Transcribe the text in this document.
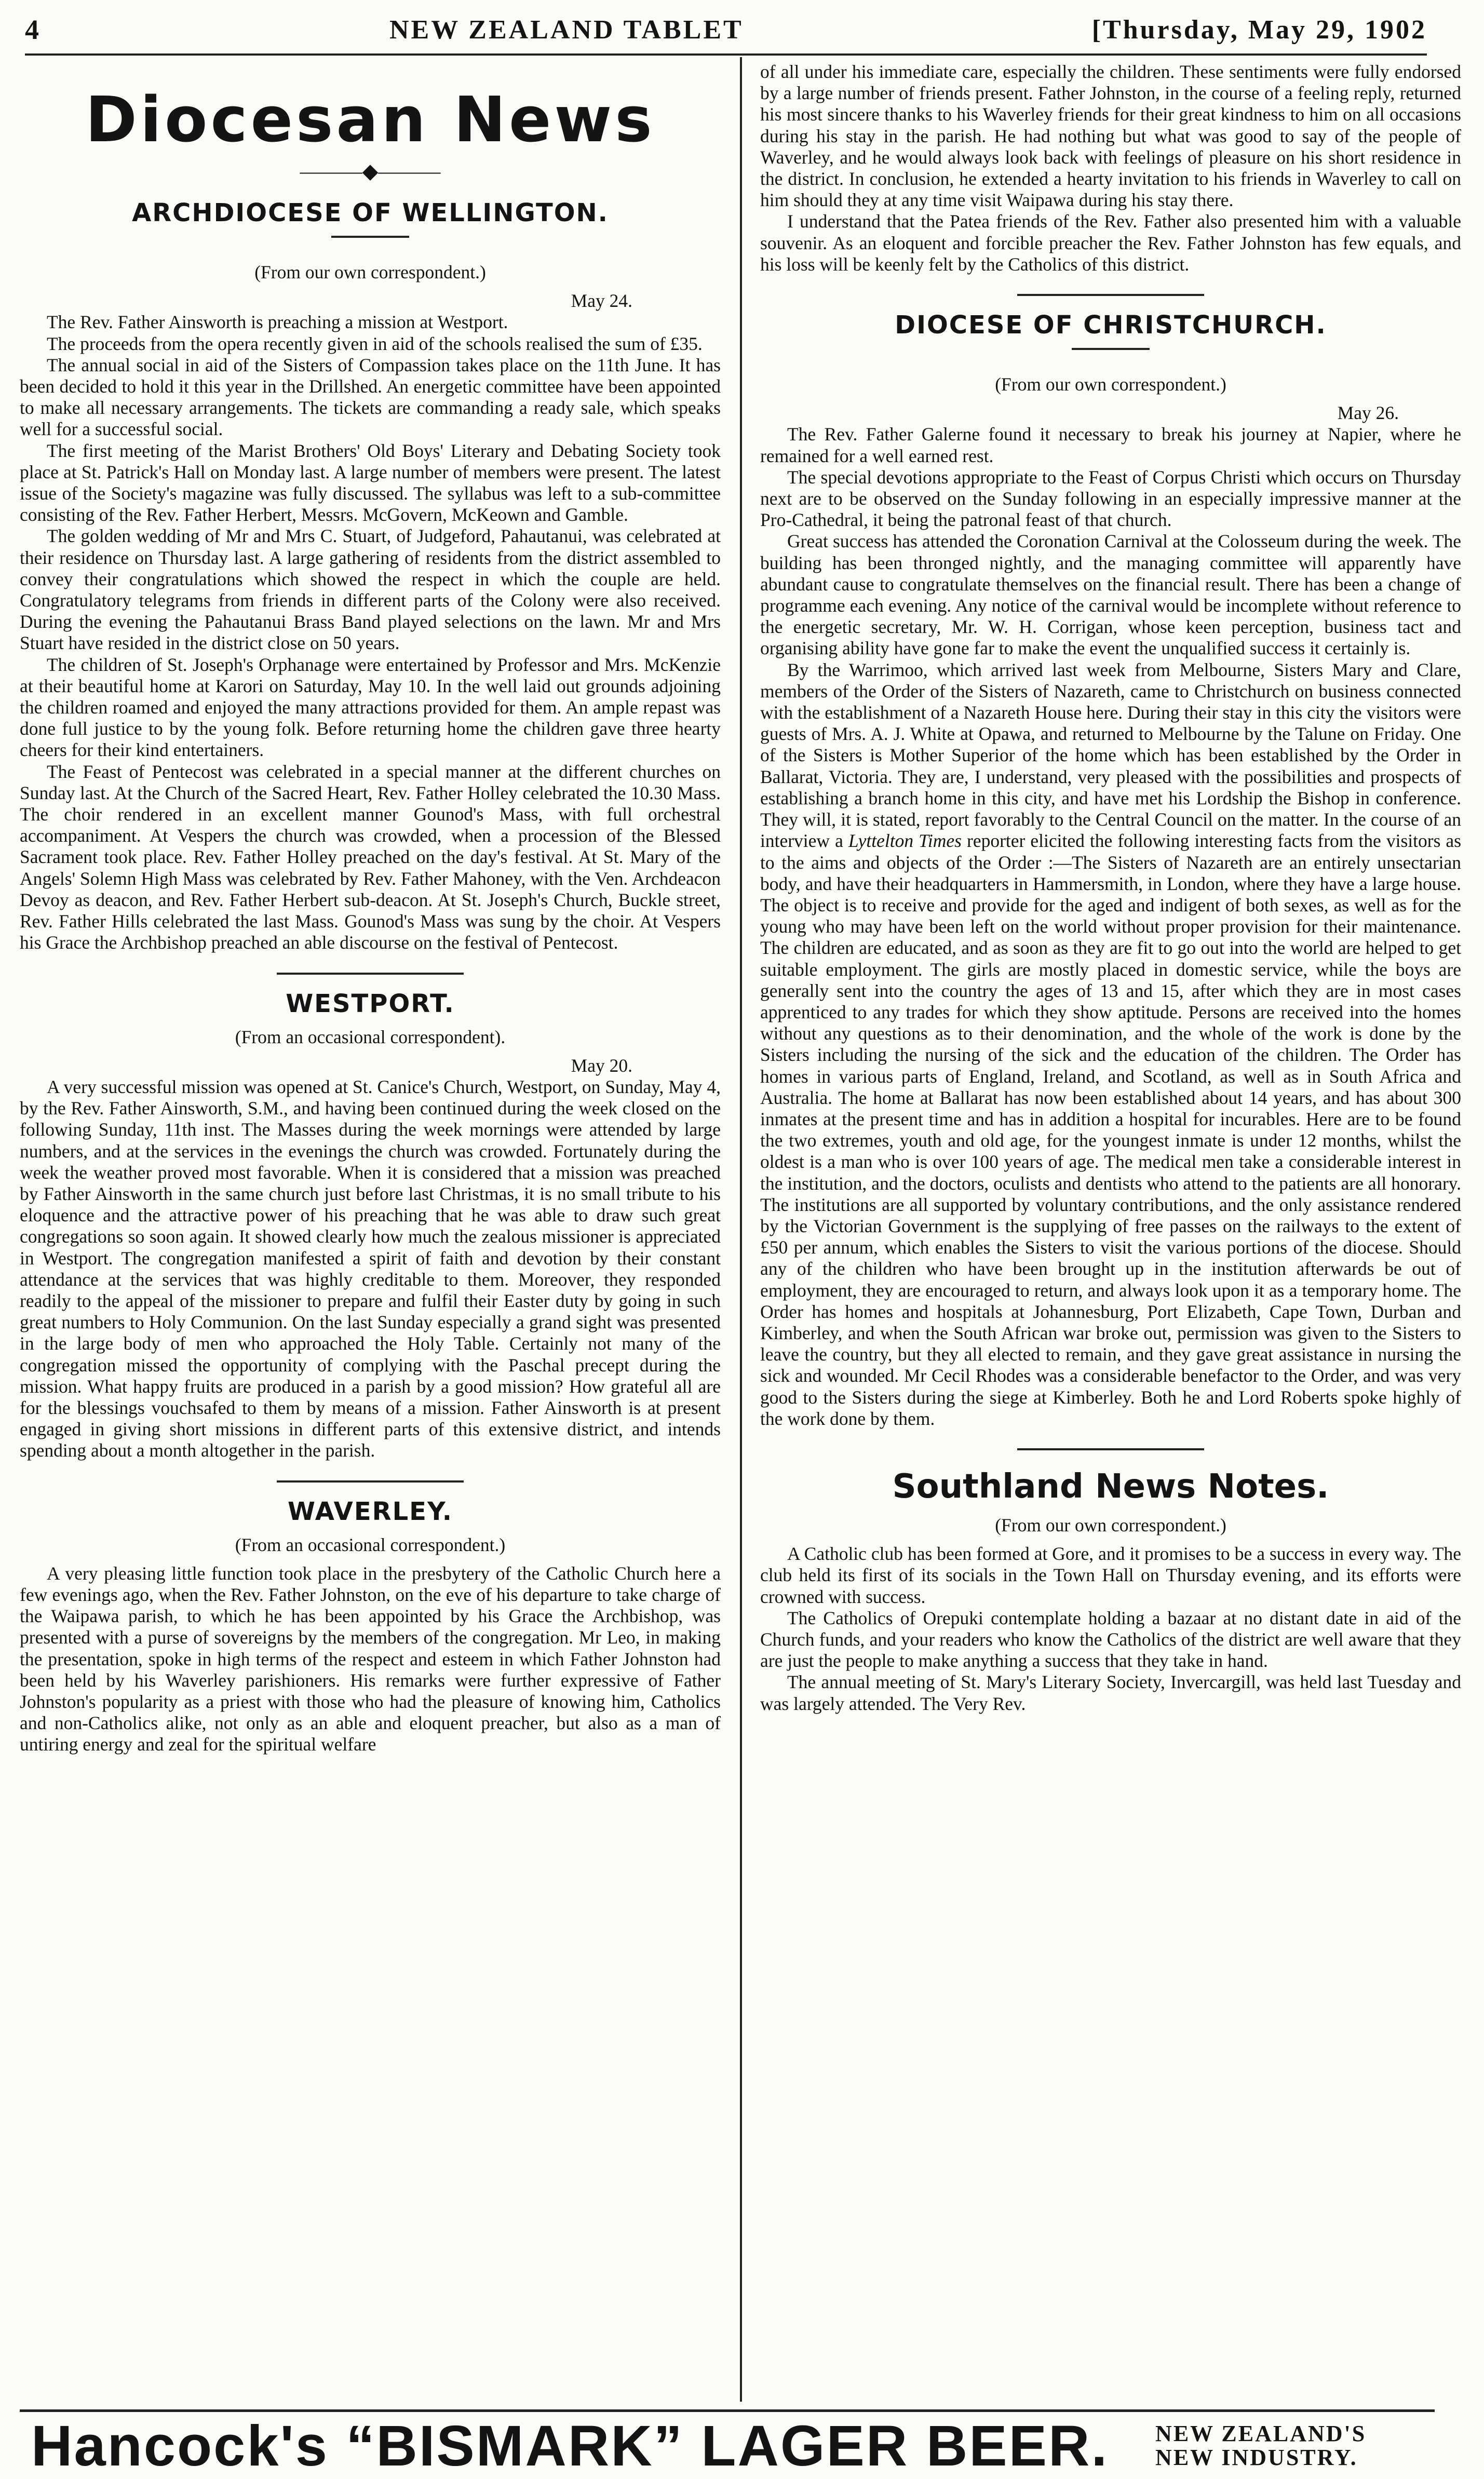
4	NEW ZEALAND TABLET	[Thursday, May 29, 1902
Diocesan News
———◆———
ARCHDIOCESE OF WELLINGTON.
(From our own correspondent.)
May 24.

The Rev. Father Ainsworth is preaching a mission at Westport.

The proceeds from the opera recently given in aid of the schools realised the sum of £35.

The annual social in aid of the Sisters of Compassion takes place on the 11th June. It has been decided to hold it this year in the Drillshed. An energetic committee have been appointed to make all necessary arrangements. The tickets are commanding a ready sale, which speaks well for a successful social.

The first meeting of the Marist Brothers' Old Boys' Literary and Debating Society took place at St. Patrick's Hall on Monday last. A large number of members were present. The latest issue of the Society's magazine was fully discussed. The syllabus was left to a sub-committee consisting of the Rev. Father Herbert, Messrs. McGovern, McKeown and Gamble.

The golden wedding of Mr and Mrs C. Stuart, of Judgeford, Pahautanui, was celebrated at their residence on Thursday last. A large gathering of residents from the district assembled to convey their congratulations which showed the respect in which the couple are held. Congratulatory telegrams from friends in different parts of the Colony were also received. During the evening the Pahautanui Brass Band played selections on the lawn. Mr and Mrs Stuart have resided in the district close on 50 years.

The children of St. Joseph's Orphanage were entertained by Professor and Mrs. McKenzie at their beautiful home at Karori on Saturday, May 10. In the well laid out grounds adjoining the children roamed and enjoyed the many attractions provided for them. An ample repast was done full justice to by the young folk. Before returning home the children gave three hearty cheers for their kind entertainers.

The Feast of Pentecost was celebrated in a special manner at the different churches on Sunday last. At the Church of the Sacred Heart, Rev. Father Holley celebrated the 10.30 Mass. The choir rendered in an excellent manner Gounod's Mass, with full orchestral accompaniment. At Vespers the church was crowded, when a procession of the Blessed Sacrament took place. Rev. Father Holley preached on the day's festival. At St. Mary of the Angels' Solemn High Mass was celebrated by Rev. Father Mahoney, with the Ven. Archdeacon Devoy as deacon, and Rev. Father Herbert sub-deacon. At St. Joseph's Church, Buckle street, Rev. Father Hills celebrated the last Mass. Gounod's Mass was sung by the choir. At Vespers his Grace the Archbishop preached an able discourse on the festival of Pentecost.

WESTPORT.
(From an occasional correspondent).
May 20.

A very successful mission was opened at St. Canice's Church, Westport, on Sunday, May 4, by the Rev. Father Ainsworth, S.M., and having been continued during the week closed on the following Sunday, 11th inst. The Masses during the week mornings were attended by large numbers, and at the services in the evenings the church was crowded. Fortunately during the week the weather proved most favorable. When it is considered that a mission was preached by Father Ainsworth in the same church just before last Christmas, it is no small tribute to his eloquence and the attractive power of his preaching that he was able to draw such great congregations so soon again. It showed clearly how much the zealous missioner is appreciated in Westport. The congregation manifested a spirit of faith and devotion by their constant attendance at the services that was highly creditable to them. Moreover, they responded readily to the appeal of the missioner to prepare and fulfil their Easter duty by going in such great numbers to Holy Communion. On the last Sunday especially a grand sight was presented in the large body of men who approached the Holy Table. Certainly not many of the congregation missed the opportunity of complying with the Paschal precept during the mission. What happy fruits are produced in a parish by a good mission? How grateful all are for the blessings vouchsafed to them by means of a mission. Father Ainsworth is at present engaged in giving short missions in different parts of this extensive district, and intends spending about a month altogether in the parish.

WAVERLEY.
(From an occasional correspondent.)

A very pleasing little function took place in the presbytery of the Catholic Church here a few evenings ago, when the Rev. Father Johnston, on the eve of his departure to take charge of the Waipawa parish, to which he has been appointed by his Grace the Archbishop, was presented with a purse of sovereigns by the members of the congregation. Mr Leo, in making the presentation, spoke in high terms of the respect and esteem in which Father Johnston had been held by his Waverley parishioners. His remarks were further expressive of Father Johnston's popularity as a priest with those who had the pleasure of knowing him, Catholics and non-Catholics alike, not only as an able and eloquent preacher, but also as a man of untiring energy and zeal for the spiritual welfare

of all under his immediate care, especially the children. These sentiments were fully endorsed by a large number of friends present. Father Johnston, in the course of a feeling reply, returned his most sincere thanks to his Waverley friends for their great kindness to him on all occasions during his stay in the parish. He had nothing but what was good to say of the people of Waverley, and he would always look back with feelings of pleasure on his short residence in the district. In conclusion, he extended a hearty invitation to his friends in Waverley to call on him should they at any time visit Waipawa during his stay there.

I understand that the Patea friends of the Rev. Father also presented him with a valuable souvenir. As an eloquent and forcible preacher the Rev. Father Johnston has few equals, and his loss will be keenly felt by the Catholics of this district.

DIOCESE OF CHRISTCHURCH.
(From our own correspondent.)
May 26.

The Rev. Father Galerne found it necessary to break his journey at Napier, where he remained for a well earned rest.

The special devotions appropriate to the Feast of Corpus Christi which occurs on Thursday next are to be observed on the Sunday following in an especially impressive manner at the Pro-Cathedral, it being the patronal feast of that church.

Great success has attended the Coronation Carnival at the Colosseum during the week. The building has been thronged nightly, and the managing committee will apparently have abundant cause to congratulate themselves on the financial result. There has been a change of programme each evening. Any notice of the carnival would be incomplete without reference to the energetic secretary, Mr. W. H. Corrigan, whose keen perception, business tact and organising ability have gone far to make the event the unqualified success it certainly is.

By the Warrimoo, which arrived last week from Melbourne, Sisters Mary and Clare, members of the Order of the Sisters of Nazareth, came to Christchurch on business connected with the establishment of a Nazareth House here. During their stay in this city the visitors were guests of Mrs. A. J. White at Opawa, and returned to Melbourne by the Talune on Friday. One of the Sisters is Mother Superior of the home which has been established by the Order in Ballarat, Victoria. They are, I understand, very pleased with the possibilities and prospects of establishing a branch home in this city, and have met his Lordship the Bishop in conference. They will, it is stated, report favorably to the Central Council on the matter. In the course of an interview a Lyttelton Times reporter elicited the following interesting facts from the visitors as to the aims and objects of the Order :—The Sisters of Nazareth are an entirely unsectarian body, and have their headquarters in Hammersmith, in London, where they have a large house. The object is to receive and provide for the aged and indigent of both sexes, as well as for the young who may have been left on the world without proper provision for their maintenance. The children are educated, and as soon as they are fit to go out into the world are helped to get suitable employment. The girls are mostly placed in domestic service, while the boys are generally sent into the country the ages of 13 and 15, after which they are in most cases apprenticed to any trades for which they show aptitude. Persons are received into the homes without any questions as to their denomination, and the whole of the work is done by the Sisters including the nursing of the sick and the education of the children. The Order has homes in various parts of England, Ireland, and Scotland, as well as in South Africa and Australia. The home at Ballarat has now been established about 14 years, and has about 300 inmates at the present time and has in addition a hospital for incurables. Here are to be found the two extremes, youth and old age, for the youngest inmate is under 12 months, whilst the oldest is a man who is over 100 years of age. The medical men take a considerable interest in the institution, and the doctors, oculists and dentists who attend to the patients are all honorary. The institutions are all supported by voluntary contributions, and the only assistance rendered by the Victorian Government is the supplying of free passes on the railways to the extent of £50 per annum, which enables the Sisters to visit the various portions of the diocese. Should any of the children who have been brought up in the institution afterwards be out of employment, they are encouraged to return, and always look upon it as a temporary home. The Order has homes and hospitals at Johannesburg, Port Elizabeth, Cape Town, Durban and Kimberley, and when the South African war broke out, permission was given to the Sisters to leave the country, but they all elected to remain, and they gave great assistance in nursing the sick and wounded. Mr Cecil Rhodes was a considerable benefactor to the Order, and was very good to the Sisters during the siege at Kimberley. Both he and Lord Roberts spoke highly of the work done by them.

Southland News Notes.
(From our own correspondent.)

A Catholic club has been formed at Gore, and it promises to be a success in every way. The club held its first of its socials in the Town Hall on Thursday evening, and its efforts were crowned with success.

The Catholics of Orepuki contemplate holding a bazaar at no distant date in aid of the Church funds, and your readers who know the Catholics of the district are well aware that they are just the people to make anything a success that they take in hand.

The annual meeting of St. Mary's Literary Society, Invercargill, was held last Tuesday and was largely attended. The Very Rev.

Hancock's “BISMARK” LAGER BEER. NEW ZEALAND'S
NEW INDUSTRY.
